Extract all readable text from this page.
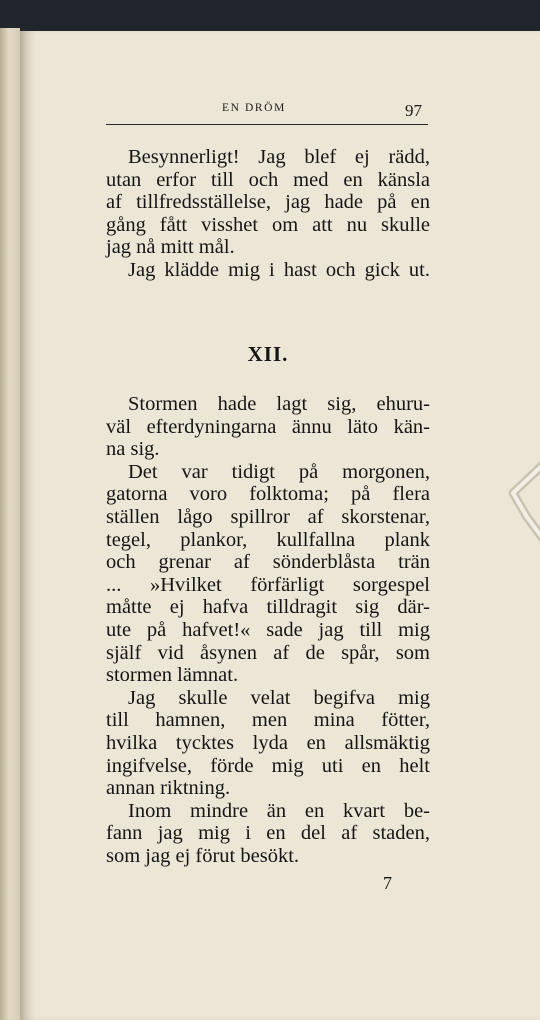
EN DRÖM	97
Besynnerligt! Jag blef ej rädd,
utan erfor till och med en känsla
af tillfredsställelse, jag hade på en
gång fått visshet om att nu skulle
jag nå mitt mål.
Jag klädde mig i hast och gick ut.
XII.
Stormen hade lagt sig, ehuru-
väl efterdyningarna ännu läto kän-
na sig.
Det var tidigt på morgonen,
gatorna voro folktoma; på flera
ställen lågo spillror af skorstenar,
tegel, plankor, kullfallna plank
och grenar af sönderblåsta trän
... »Hvilket förfärligt sorgespel
måtte ej hafva tilldragit sig där-
ute på hafvet!« sade jag till mig
själf vid åsynen af de spår, som
stormen lämnat.
Jag skulle velat begifva mig
till hamnen, men mina fötter,
hvilka tycktes lyda en allsmäktig
ingifvelse, förde mig uti en helt
annan riktning.
Inom mindre än en kvart be-
fann jag mig i en del af staden,
som jag ej förut besökt.
7
